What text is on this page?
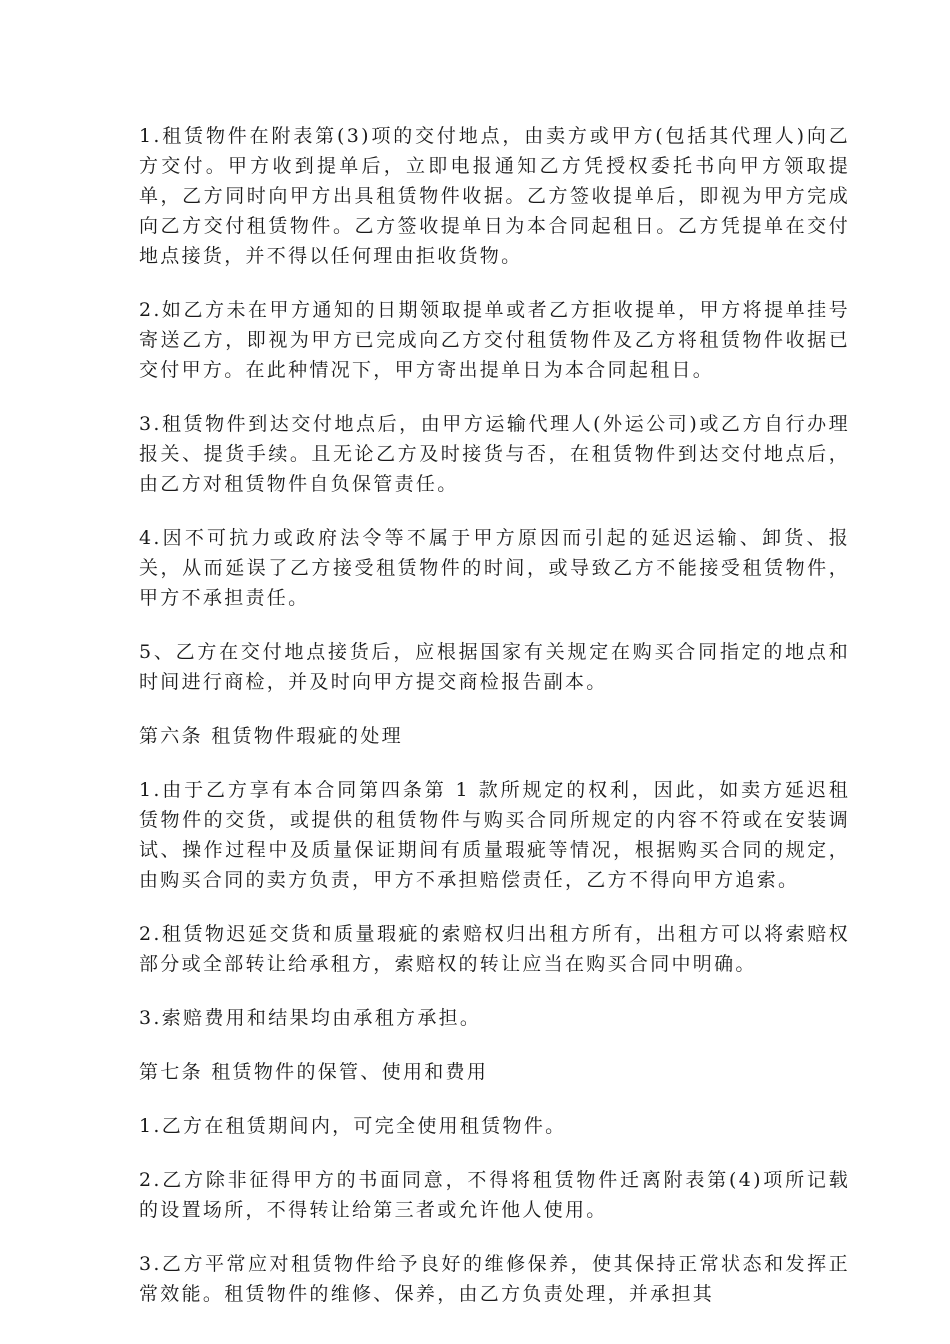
1.租赁物件在附表第(3)项的交付地点，由卖方或甲方(包括其代理人)向乙方交付。甲方收到提单后，立即电报通知乙方凭授权委托书向甲方领取提单，乙方同时向甲方出具租赁物件收据。乙方签收提单后，即视为甲方完成向乙方交付租赁物件。乙方签收提单日为本合同起租日。乙方凭提单在交付地点接货，并不得以任何理由拒收货物。

2.如乙方未在甲方通知的日期领取提单或者乙方拒收提单，甲方将提单挂号寄送乙方，即视为甲方已完成向乙方交付租赁物件及乙方将租赁物件收据已交付甲方。在此种情况下，甲方寄出提单日为本合同起租日。

3.租赁物件到达交付地点后，由甲方运输代理人(外运公司)或乙方自行办理报关、提货手续。且无论乙方及时接货与否，在租赁物件到达交付地点后，由乙方对租赁物件自负保管责任。

4.因不可抗力或政府法令等不属于甲方原因而引起的延迟运输、卸货、报关，从而延误了乙方接受租赁物件的时间，或导致乙方不能接受租赁物件，甲方不承担责任。

5、乙方在交付地点接货后，应根据国家有关规定在购买合同指定的地点和时间进行商检，并及时向甲方提交商检报告副本。

第六条 租赁物件瑕疵的处理

1.由于乙方享有本合同第四条第 1 款所规定的权利，因此，如卖方延迟租赁物件的交货，或提供的租赁物件与购买合同所规定的内容不符或在安装调试、操作过程中及质量保证期间有质量瑕疵等情况，根据购买合同的规定，由购买合同的卖方负责，甲方不承担赔偿责任，乙方不得向甲方追索。

2.租赁物迟延交货和质量瑕疵的索赔权归出租方所有，出租方可以将索赔权部分或全部转让给承租方，索赔权的转让应当在购买合同中明确。

3.索赔费用和结果均由承租方承担。

第七条 租赁物件的保管、使用和费用

1.乙方在租赁期间内，可完全使用租赁物件。

2.乙方除非征得甲方的书面同意，不得将租赁物件迁离附表第(4)项所记载的设置场所，不得转让给第三者或允许他人使用。

3.乙方平常应对租赁物件给予良好的维修保养，使其保持正常状态和发挥正常效能。租赁物件的维修、保养，由乙方负责处理，并承担其
